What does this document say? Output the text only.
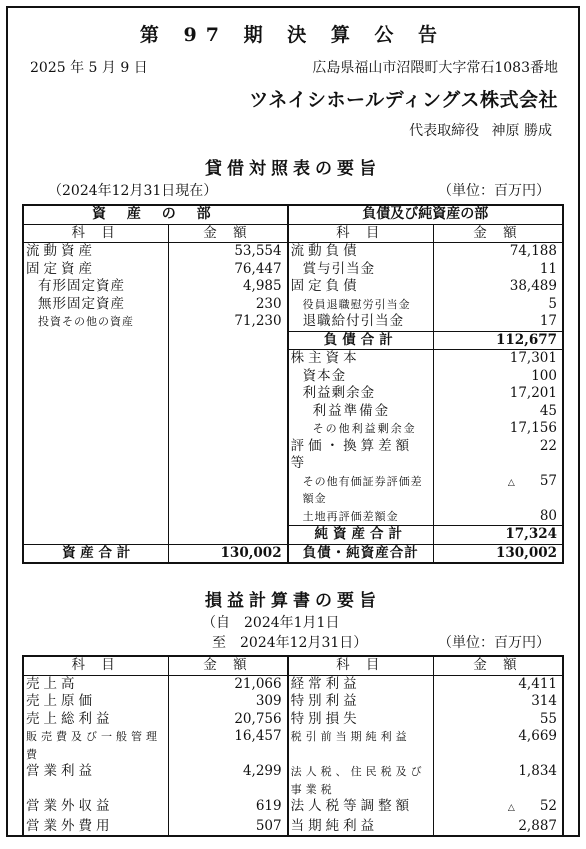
第 97 期 決 算 公 告
2025 年 5 月 9 日	広島県福山市沼隈町大字常石1083番地
ツネイシホールディングス株式会社
代表取締役 神原 勝成
貸借対照表の要旨
（2024年12月31日現在）	（単位：百万円）
資 産 の 部		負債及び純資産の部	
科 目	金 額	科 目	金 額
流動資産	53,554	流動負債	74,188
固定資産	76,447	賞与引当金	11
有形固定資産	4,985	固定負債	38,489
無形固定資産	230	役員退職慰労引当金	5
投資その他の資産	71,230	退職給付引当金	17
		負債合計	112,677
		株主資本	17,301
		資本金	100
		利益剰余金	17,201
		利益準備金	45
		その他利益剰余金	17,156
		評価・換算差額等	22
		その他有価証券評価差額金	△ 57
		土地再評価差額金	80
		純資産合計	17,324
資 産 合 計	130,002	負債・純資産合計	130,002
損益計算書の要旨
（自　2024年1月1日
至　2024年12月31日）	（単位：百万円）
科 目	金 額	科 目	金 額
売上高	21,066	経常利益	4,411
売上原価	309	特別利益	314
売上総利益	20,756	特別損失	55
販売費及び一般管理費	16,457	税引前当期純利益	4,669
営業利益	4,299	法人税、住民税及び事業税	1,834
営業外収益	619	法人税等調整額	△ 52
営業外費用	507	当期純利益	2,887
